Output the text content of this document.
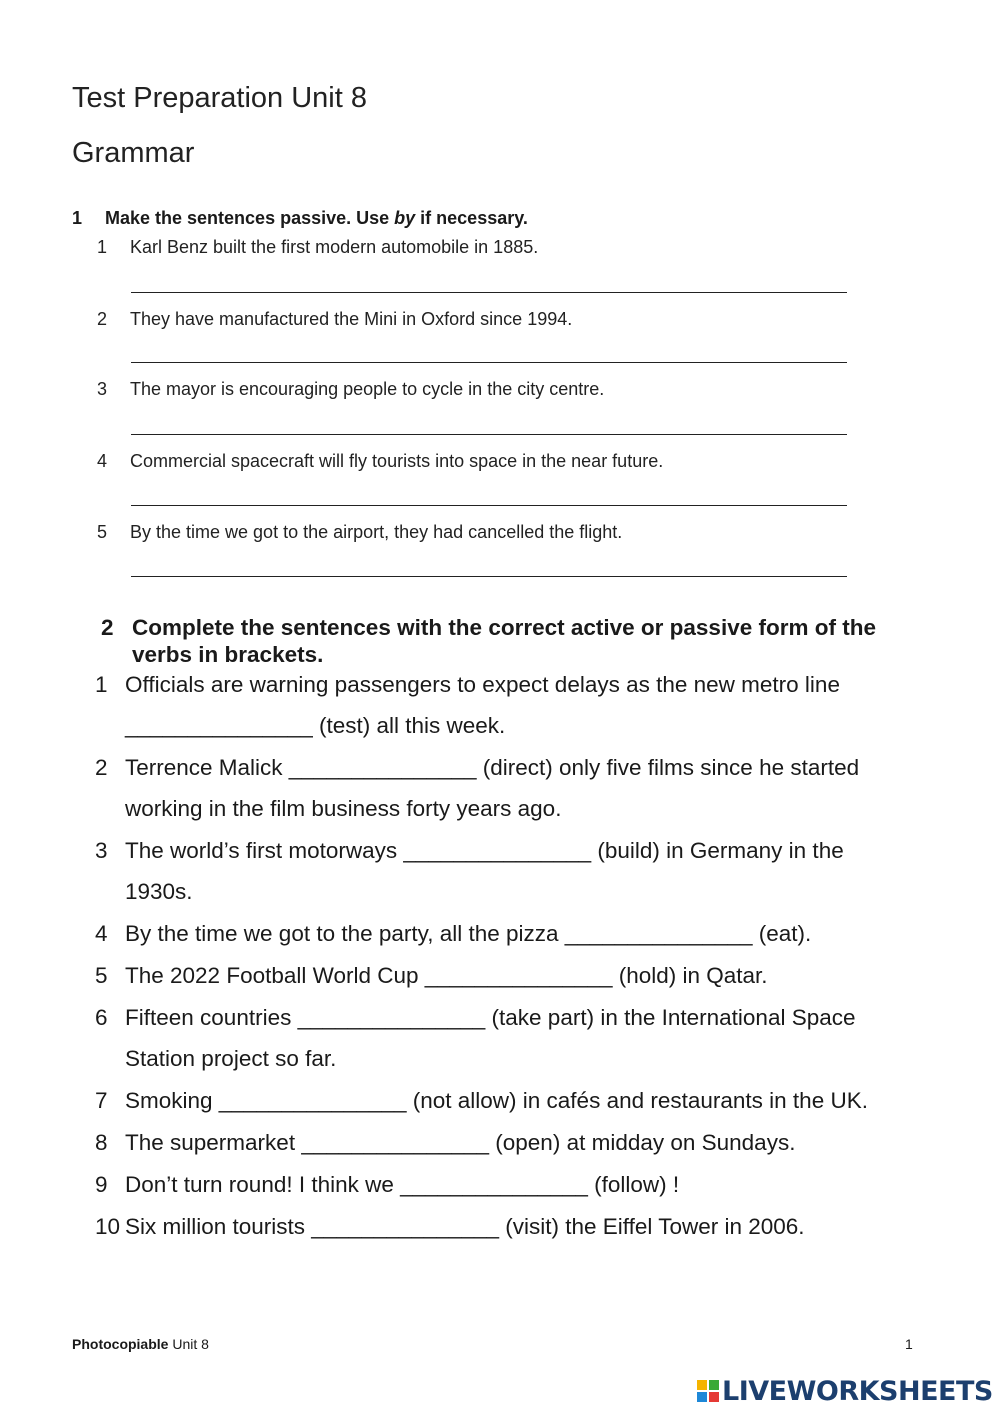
Test Preparation Unit 8
Grammar
1 Make the sentences passive. Use by if necessary.
1 Karl Benz built the first modern automobile in 1885.
2 They have manufactured the Mini in Oxford since 1994.
3 The mayor is encouraging people to cycle in the city centre.
4 Commercial spacecraft will fly tourists into space in the near future.
5 By the time we got to the airport, they had cancelled the flight.
2 Complete the sentences with the correct active or passive form of the verbs in brackets.
1 Officials are warning passengers to expect delays as the new metro line
_______________ (test) all this week.
2 Terrence Malick _______________ (direct) only five films since he started
working in the film business forty years ago.
3 The world’s first motorways _______________ (build) in Germany in the
1930s.
4 By the time we got to the party, all the pizza _______________ (eat).
5 The 2022 Football World Cup _______________ (hold) in Qatar.
6 Fifteen countries _______________ (take part) in the International Space
Station project so far.
7 Smoking _______________ (not allow) in cafés and restaurants in the UK.
8 The supermarket _______________ (open) at midday on Sundays.
9 Don’t turn round! I think we _______________ (follow) !
10 Six million tourists _______________ (visit) the Eiffel Tower in 2006.
Photocopiable Unit 8	1
LIVEWORKSHEETS
